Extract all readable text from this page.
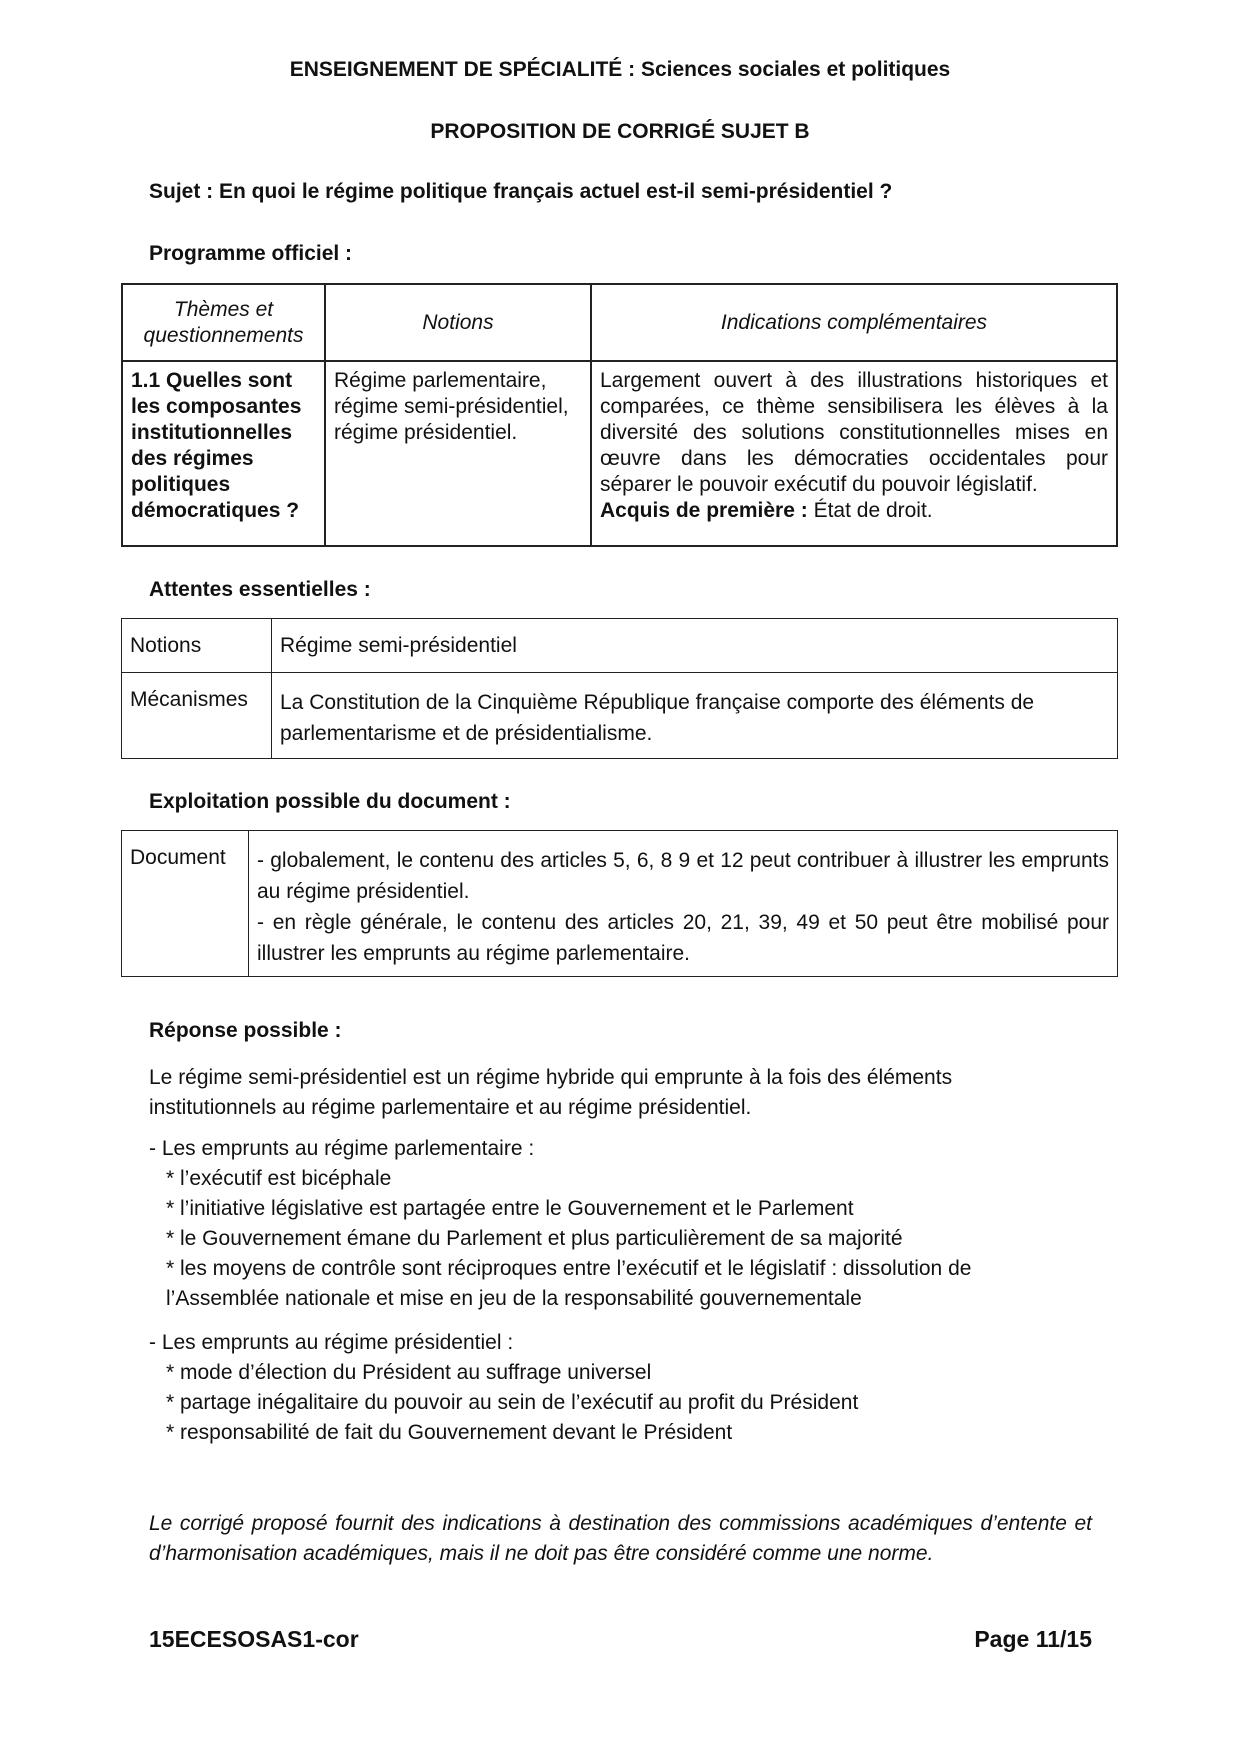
ENSEIGNEMENT DE SPÉCIALITÉ : Sciences sociales et politiques
PROPOSITION DE CORRIGÉ SUJET B
Sujet : En quoi le régime politique français actuel est-il semi-présidentiel ?
Programme officiel :
Thèmes et questionnements	Notions	Indications complémentaires
1.1 Quelles sont les composantes institutionnelles des régimes politiques démocratiques ?	Régime parlementaire, régime semi-présidentiel, régime présidentiel.	Largement ouvert à des illustrations historiques et comparées, ce thème sensibilisera les élèves à la diversité des solutions constitutionnelles mises en œuvre dans les démocraties occidentales pour séparer le pouvoir exécutif du pouvoir législatif.
Acquis de première : État de droit.
Attentes essentielles :
Notions	Régime semi-présidentiel
Mécanismes	La Constitution de la Cinquième République française comporte des éléments de parlementarisme et de présidentialisme.
Exploitation possible du document :
Document	- globalement, le contenu des articles 5, 6, 8 9 et 12 peut contribuer à illustrer les emprunts au régime présidentiel.
- en règle générale, le contenu des articles 20, 21, 39, 49 et 50 peut être mobilisé pour illustrer les emprunts au régime parlementaire.
Réponse possible :
Le régime semi-présidentiel est un régime hybride qui emprunte à la fois des éléments institutionnels au régime parlementaire et au régime présidentiel.
- Les emprunts au régime parlementaire :
* l’exécutif est bicéphale
* l’initiative législative est partagée entre le Gouvernement et le Parlement
* le Gouvernement émane du Parlement et plus particulièrement de sa majorité
* les moyens de contrôle sont réciproques entre l’exécutif et le législatif : dissolution de l’Assemblée nationale et mise en jeu de la responsabilité gouvernementale
- Les emprunts au régime présidentiel :
* mode d’élection du Président au suffrage universel
* partage inégalitaire du pouvoir au sein de l’exécutif au profit du Président
* responsabilité de fait du Gouvernement devant le Président
Le corrigé proposé fournit des indications à destination des commissions académiques d’entente et d’harmonisation académiques, mais il ne doit pas être considéré comme une norme.
15ECESOSAS1-cor	Page 11/15
